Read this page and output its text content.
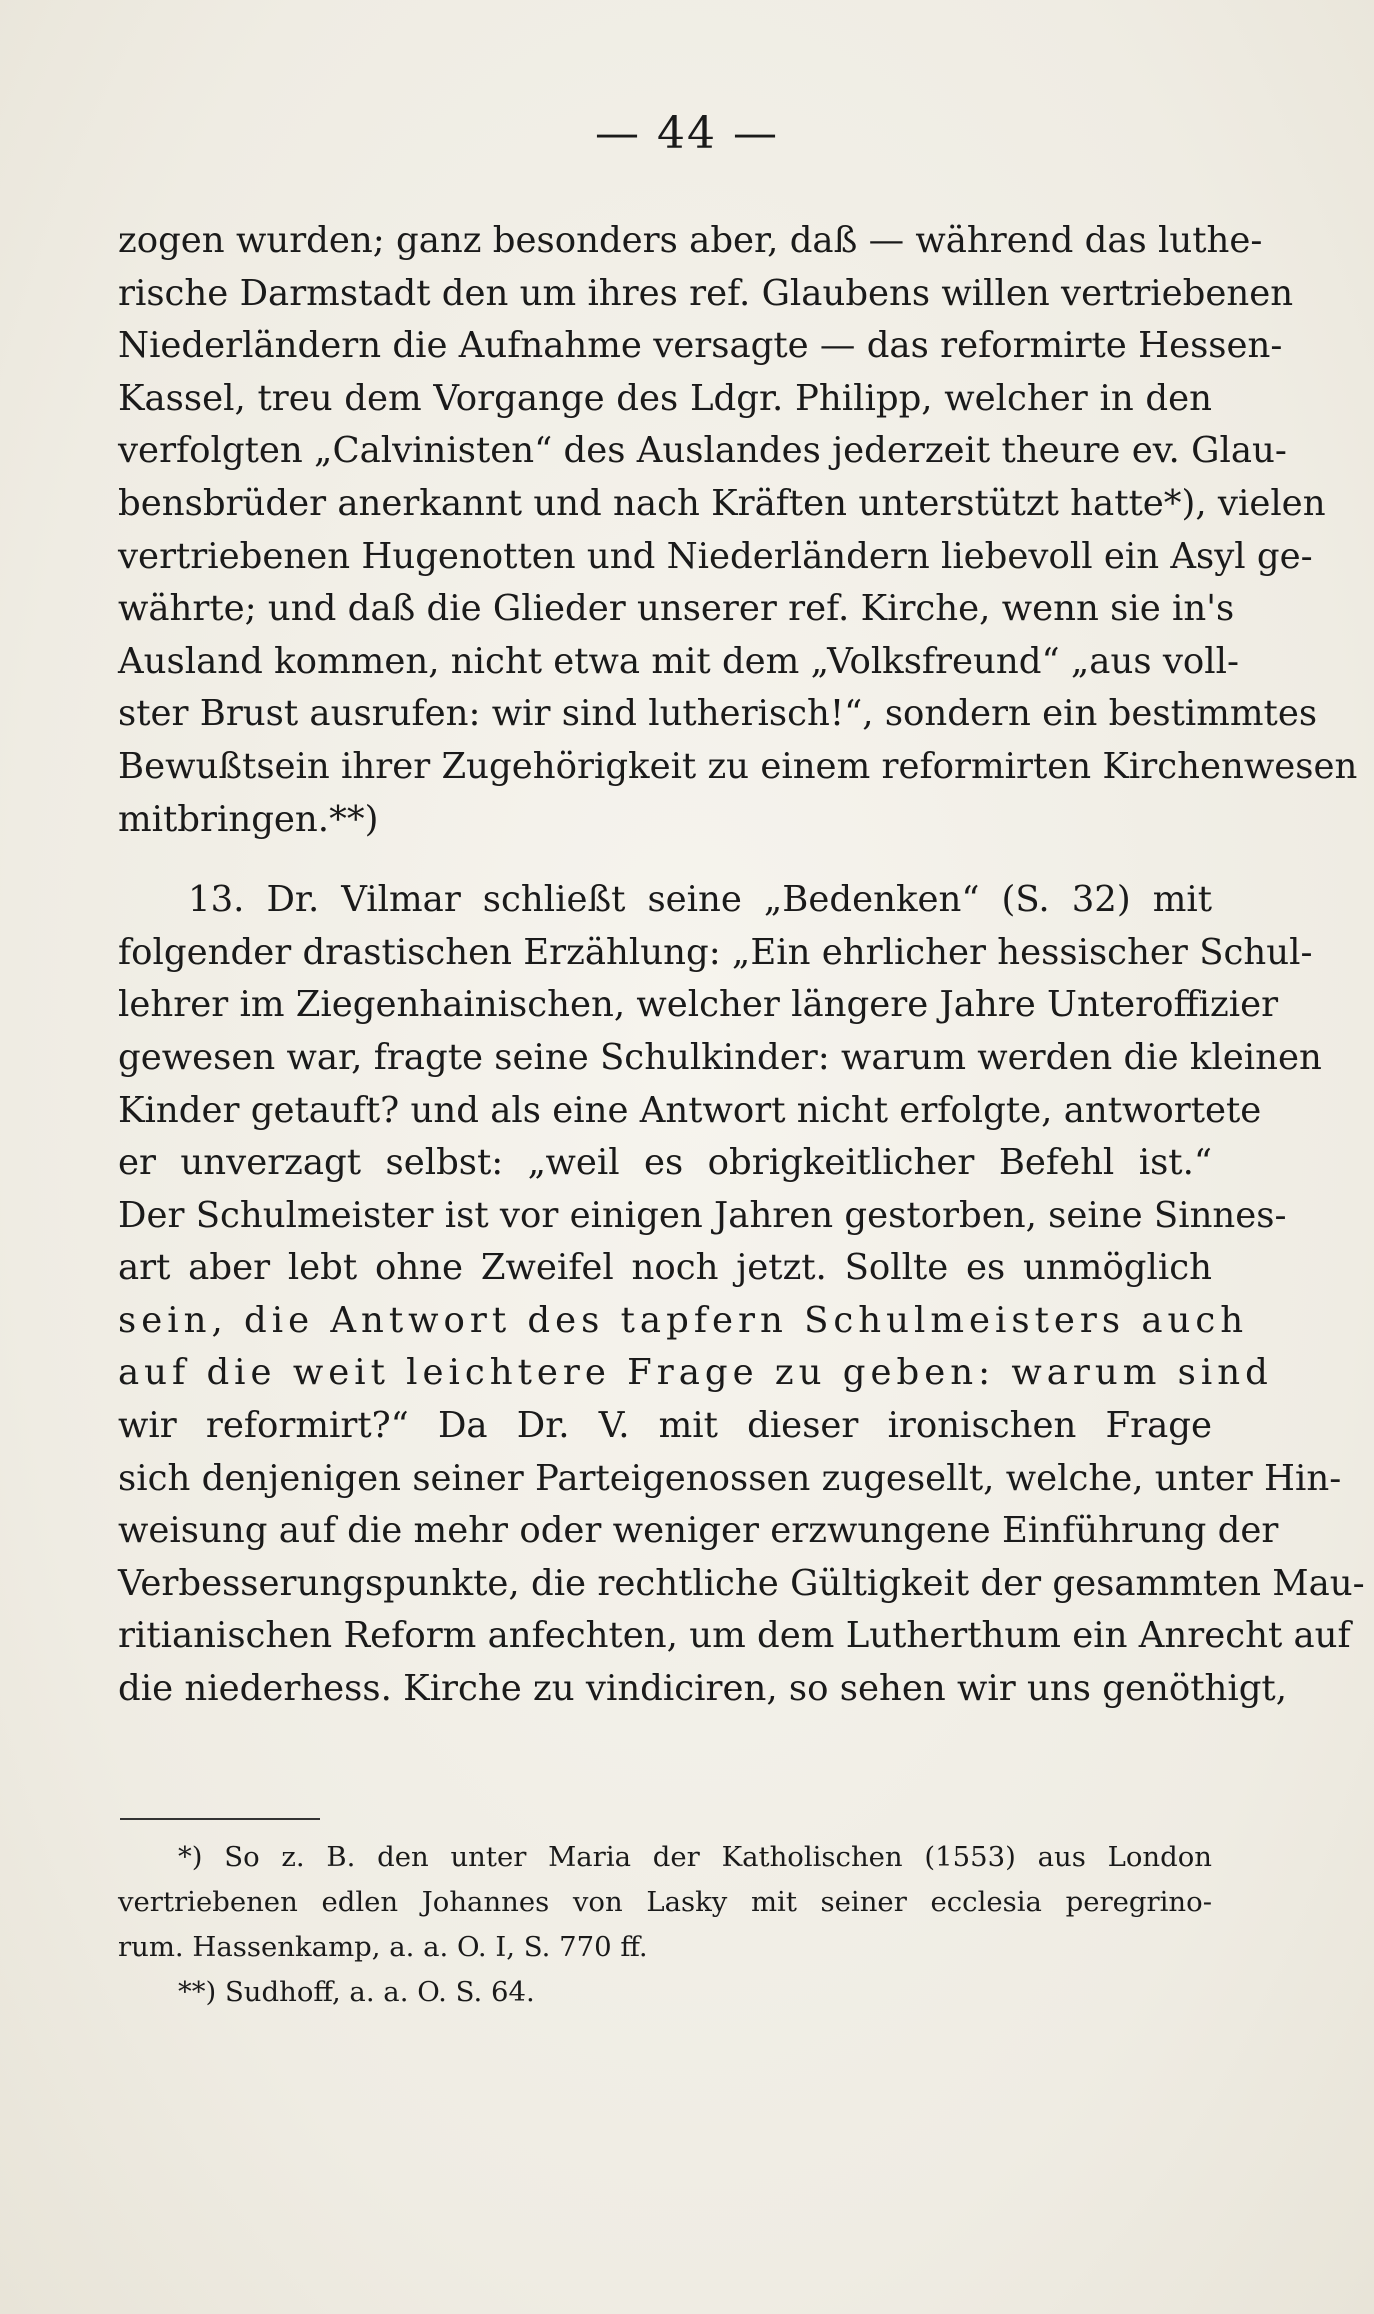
— 44 —
zogen wurden; ganz besonders aber, daß — während das luthe-
rische Darmstadt den um ihres ref. Glaubens willen vertriebenen
Niederländern die Aufnahme versagte — das reformirte Hessen-
Kassel, treu dem Vorgange des Ldgr. Philipp, welcher in den
verfolgten „Calvinisten“ des Auslandes jederzeit theure ev. Glau-
bensbrüder anerkannt und nach Kräften unterstützt hatte*), vielen
vertriebenen Hugenotten und Niederländern liebevoll ein Asyl ge-
währte; und daß die Glieder unserer ref. Kirche, wenn sie in's
Ausland kommen, nicht etwa mit dem „Volksfreund“ „aus voll-
ster Brust ausrufen: wir sind lutherisch!“, sondern ein bestimmtes
Bewußtsein ihrer Zugehörigkeit zu einem reformirten Kirchenwesen
mitbringen.**)
13. Dr. Vilmar schließt seine „Bedenken“ (S. 32) mit
folgender drastischen Erzählung: „Ein ehrlicher hessischer Schul-
lehrer im Ziegenhainischen, welcher längere Jahre Unteroffizier
gewesen war, fragte seine Schulkinder: warum werden die kleinen
Kinder getauft? und als eine Antwort nicht erfolgte, antwortete
er unverzagt selbst: „weil es obrigkeitlicher Befehl ist.“
Der Schulmeister ist vor einigen Jahren gestorben, seine Sinnes-
art aber lebt ohne Zweifel noch jetzt. Sollte es unmöglich
sein, die Antwort des tapfern Schulmeisters auch
auf die weit leichtere Frage zu geben: warum sind
wir reformirt?“ Da Dr. V. mit dieser ironischen Frage
sich denjenigen seiner Parteigenossen zugesellt, welche, unter Hin-
weisung auf die mehr oder weniger erzwungene Einführung der
Verbesserungspunkte, die rechtliche Gültigkeit der gesammten Mau-
ritianischen Reform anfechten, um dem Lutherthum ein Anrecht auf
die niederhess. Kirche zu vindiciren, so sehen wir uns genöthigt,
*) So z. B. den unter Maria der Katholischen (1553) aus London
vertriebenen edlen Johannes von Lasky mit seiner ecclesia peregrino-
rum. Hassenkamp, a. a. O. I, S. 770 ff.
**) Sudhoff, a. a. O. S. 64.
